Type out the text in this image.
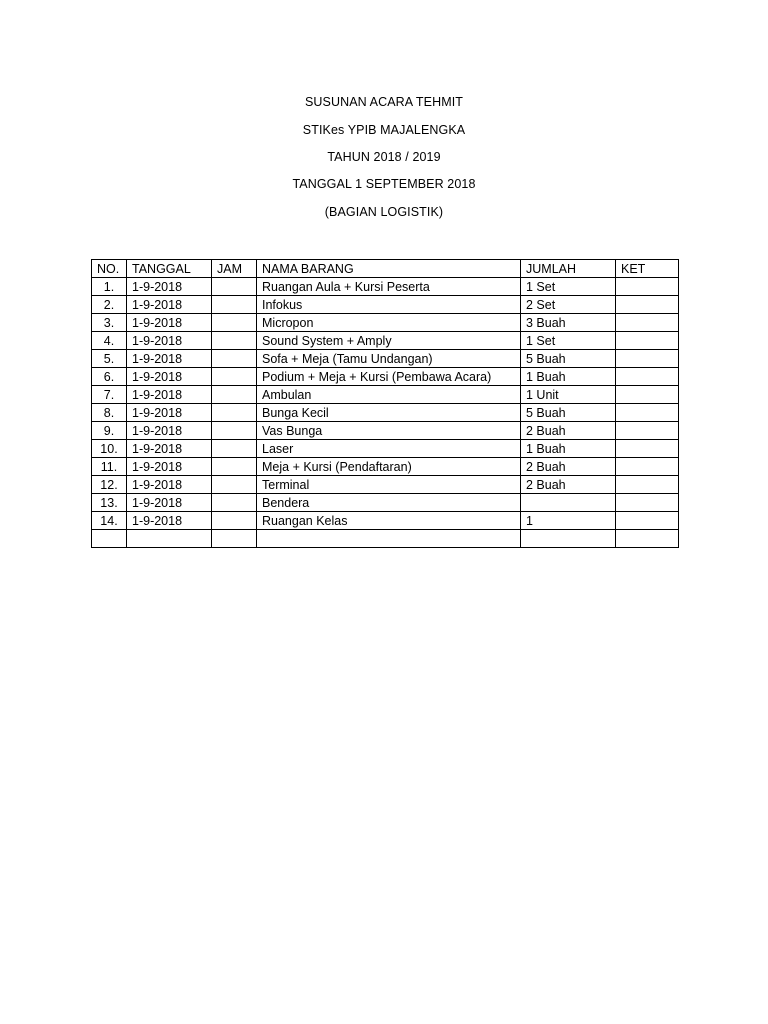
SUSUNAN ACARA TEHMIT
STIKes YPIB MAJALENGKA
TAHUN 2018 / 2019
TANGGAL 1 SEPTEMBER 2018
(BAGIAN LOGISTIK)
NO.	TANGGAL	JAM	NAMA BARANG	JUMLAH	KET
1.	1-9-2018		Ruangan Aula + Kursi Peserta	1 Set	
2.	1-9-2018		Infokus	2 Set	
3.	1-9-2018		Micropon	3 Buah	
4.	1-9-2018		Sound System + Amply	1 Set	
5.	1-9-2018		Sofa + Meja (Tamu Undangan)	5 Buah	
6.	1-9-2018		Podium + Meja + Kursi (Pembawa Acara)	1 Buah	
7.	1-9-2018		Ambulan	1 Unit	
8.	1-9-2018		Bunga Kecil	5 Buah	
9.	1-9-2018		Vas Bunga	2 Buah	
10.	1-9-2018		Laser	1 Buah	
11.	1-9-2018		Meja + Kursi (Pendaftaran)	2 Buah	
12.	1-9-2018		Terminal	2 Buah	
13.	1-9-2018		Bendera		
14.	1-9-2018		Ruangan Kelas	1	
